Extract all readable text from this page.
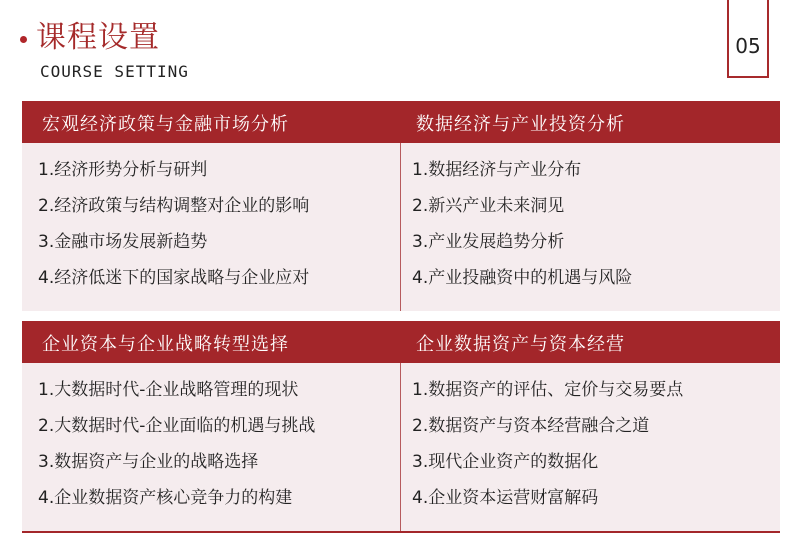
课程设置
COURSE SETTING
05
宏观经济政策与金融市场分析	数据经济与产业投资分析
1.经济形势分析与研判
2.经济政策与结构调整对企业的影响
3.金融市场发展新趋势
4.经济低迷下的国家战略与企业应对
1.数据经济与产业分布
2.新兴产业未来洞见
3.产业发展趋势分析
4.产业投融资中的机遇与风险
企业资本与企业战略转型选择	企业数据资产与资本经营
1.大数据时代-企业战略管理的现状
2.大数据时代-企业面临的机遇与挑战
3.数据资产与企业的战略选择
4.企业数据资产核心竞争力的构建
1.数据资产的评估、定价与交易要点
2.数据资产与资本经营融合之道
3.现代企业资产的数据化
4.企业资本运营财富解码
